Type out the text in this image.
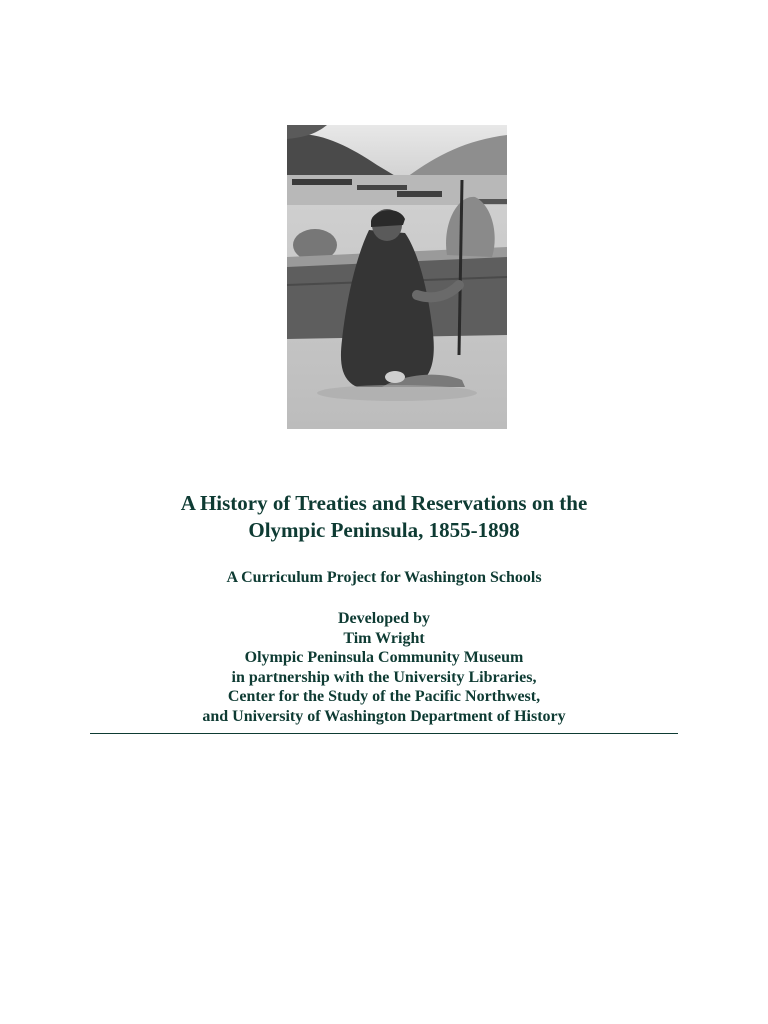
A History of Treaties and Reservations on the
Olympic Peninsula, 1855-1898
A Curriculum Project for Washington Schools
Developed by
Tim Wright
Olympic Peninsula Community Museum
in partnership with the University Libraries,
Center for the Study of the Pacific Northwest,
and University of Washington Department of History
